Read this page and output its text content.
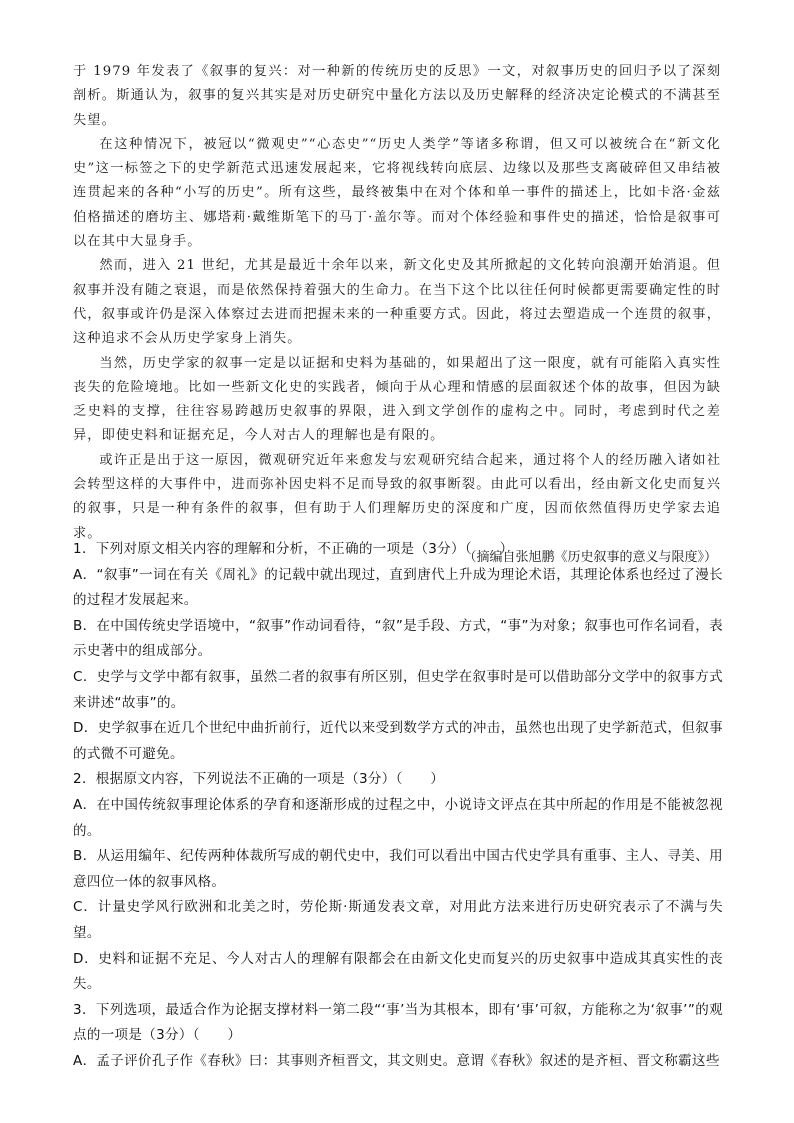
于 1979 年发表了《叙事的复兴：对一种新的传统历史的反思》一文，对叙事历史的回归予以了深刻剖析。斯通认为，叙事的复兴其实是对历史研究中量化方法以及历史解释的经济决定论模式的不满甚至失望。

在这种情况下，被冠以“微观史”“心态史”“历史人类学”等诸多称谓，但又可以被统合在“新文化史”这一标签之下的史学新范式迅速发展起来，它将视线转向底层、边缘以及那些支离破碎但又串结被连贯起来的各种“小写的历史”。所有这些，最终被集中在对个体和单一事件的描述上，比如卡洛·金兹伯格描述的磨坊主、娜塔莉·戴维斯笔下的马丁·盖尔等。而对个体经验和事件史的描述，恰恰是叙事可以在其中大显身手。

然而，进入 21 世纪，尤其是最近十余年以来，新文化史及其所掀起的文化转向浪潮开始消退。但叙事并没有随之衰退，而是依然保持着强大的生命力。在当下这个比以往任何时候都更需要确定性的时代，叙事或许仍是深入体察过去进而把握未来的一种重要方式。因此，将过去塑造成一个连贯的叙事，这种追求不会从历史学家身上消失。

当然，历史学家的叙事一定是以证据和史料为基础的，如果超出了这一限度，就有可能陷入真实性丧失的危险境地。比如一些新文化史的实践者，倾向于从心理和情感的层面叙述个体的故事，但因为缺乏史料的支撑，往往容易跨越历史叙事的界限，进入到文学创作的虚构之中。同时，考虑到时代之差异，即使史料和证据充足，今人对古人的理解也是有限的。

或许正是出于这一原因，微观研究近年来愈发与宏观研究结合起来，通过将个人的经历融入诸如社会转型这样的大事件中，进而弥补因史料不足而导致的叙事断裂。由此可以看出，经由新文化史而复兴的叙事，只是一种有条件的叙事，但有助于人们理解历史的深度和广度，因而依然值得历史学家去追求。

（摘编自张旭鹏《历史叙事的意义与限度》）

1．下列对原文相关内容的理解和分析，不正确的一项是（3分）（　　）

A．“叙事”一词在有关《周礼》的记载中就出现过，直到唐代上升成为理论术语，其理论体系也经过了漫长的过程才发展起来。

B．在中国传统史学语境中，“叙事”作动词看待，“叙”是手段、方式，“事”为对象；叙事也可作名词看，表示史著中的组成部分。

C．史学与文学中都有叙事，虽然二者的叙事有所区别，但史学在叙事时是可以借助部分文学中的叙事方式来讲述“故事”的。

D．史学叙事在近几个世纪中曲折前行，近代以来受到数学方式的冲击，虽然也出现了史学新范式，但叙事的式微不可避免。

2．根据原文内容，下列说法不正确的一项是（3分）（　　）

A．在中国传统叙事理论体系的孕育和逐渐形成的过程之中，小说诗文评点在其中所起的作用是不能被忽视的。

B．从运用编年、纪传两种体裁所写成的朝代史中，我们可以看出中国古代史学具有重事、主人、寻美、用意四位一体的叙事风格。

C．计量史学风行欧洲和北美之时，劳伦斯·斯通发表文章，对用此方法来进行历史研究表示了不满与失望。

D．史料和证据不充足、今人对古人的理解有限都会在由新文化史而复兴的历史叙事中造成其真实性的丧失。

3．下列选项，最适合作为论据支撑材料一第二段“‘事’当为其根本，即有‘事’可叙，方能称之为‘叙事’”的观点的一项是（3分）（　　）

A．孟子评价孔子作《春秋》曰：其事则齐桓晋文，其文则史。意谓《春秋》叙述的是齐桓、晋文称霸这些
